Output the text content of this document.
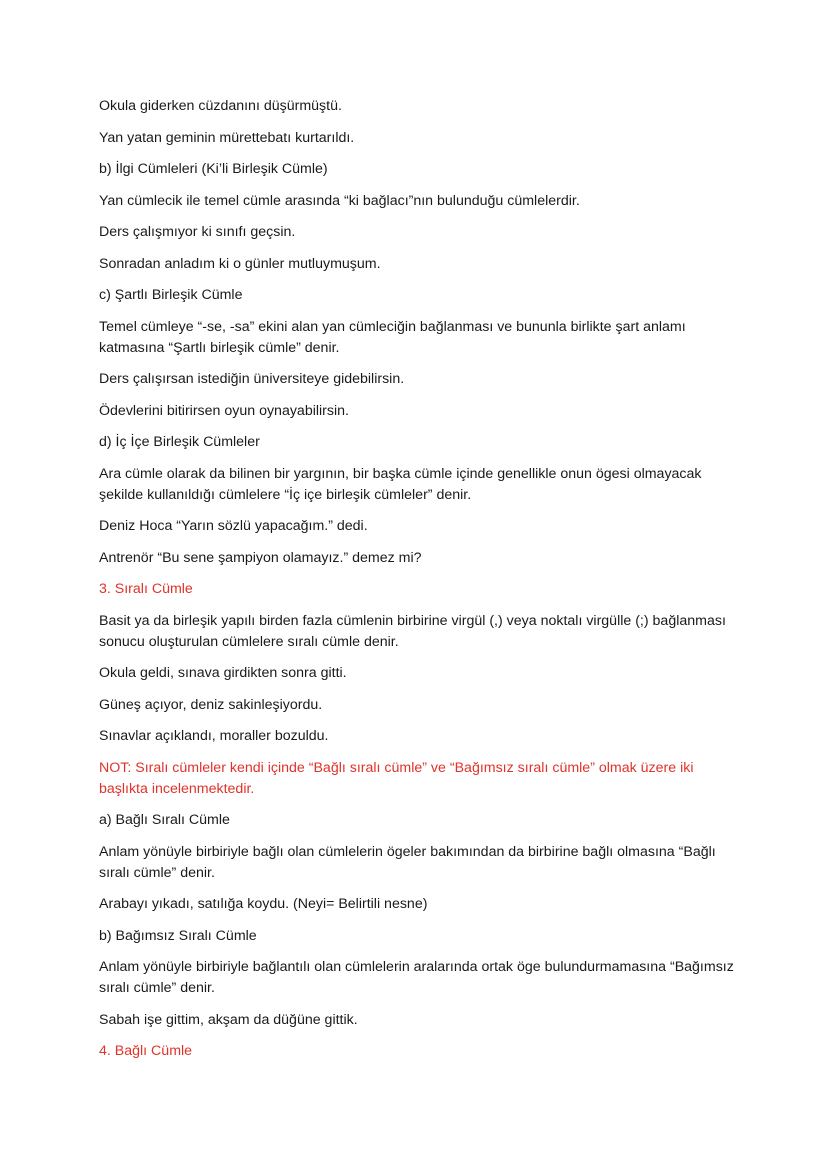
Okula giderken cüzdanını düşürmüştü.

Yan yatan geminin mürettebatı kurtarıldı.

b) İlgi Cümleleri (Ki’li Birleşik Cümle)

Yan cümlecik ile temel cümle arasında “ki bağlacı”nın bulunduğu cümlelerdir.

Ders çalışmıyor ki sınıfı geçsin.

Sonradan anladım ki o günler mutluymuşum.

c) Şartlı Birleşik Cümle

Temel cümleye “-se, -sa” ekini alan yan cümleciğin bağlanması ve bununla birlikte şart anlamı katmasına “Şartlı birleşik cümle” denir.

Ders çalışırsan istediğin üniversiteye gidebilirsin.

Ödevlerini bitirirsen oyun oynayabilirsin.

d) İç İçe Birleşik Cümleler

Ara cümle olarak da bilinen bir yargının, bir başka cümle içinde genellikle onun ögesi olmayacak şekilde kullanıldığı cümlelere “İç içe birleşik cümleler” denir.

Deniz Hoca “Yarın sözlü yapacağım.” dedi.

Antrenör “Bu sene şampiyon olamayız.” demez mi?

3. Sıralı Cümle

Basit ya da birleşik yapılı birden fazla cümlenin birbirine virgül (,) veya noktalı virgülle (;) bağlanması sonucu oluşturulan cümlelere sıralı cümle denir.

Okula geldi, sınava girdikten sonra gitti.

Güneş açıyor, deniz sakinleşiyordu.

Sınavlar açıklandı, moraller bozuldu.

NOT: Sıralı cümleler kendi içinde “Bağlı sıralı cümle” ve “Bağımsız sıralı cümle” olmak üzere iki başlıkta incelenmektedir.

a) Bağlı Sıralı Cümle

Anlam yönüyle birbiriyle bağlı olan cümlelerin ögeler bakımından da birbirine bağlı olmasına “Bağlı sıralı cümle” denir.

Arabayı yıkadı, satılığa koydu. (Neyi= Belirtili nesne)

b) Bağımsız Sıralı Cümle

Anlam yönüyle birbiriyle bağlantılı olan cümlelerin aralarında ortak öge bulundurmamasına “Bağımsız sıralı cümle” denir.

Sabah işe gittim, akşam da düğüne gittik.

4. Bağlı Cümle
